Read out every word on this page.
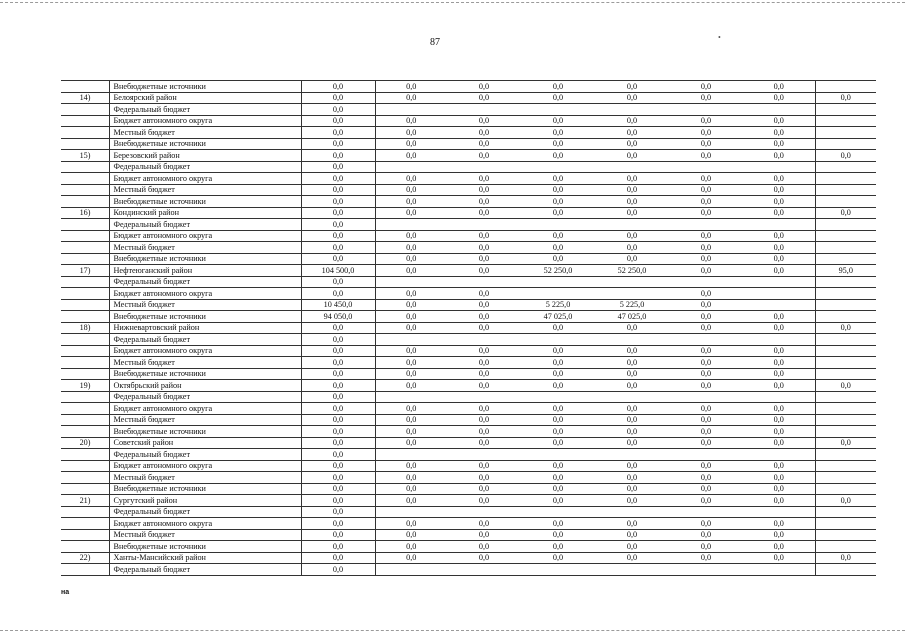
87	•
	Внебюджетные источники	0,0	0,0	0,0	0,0	0,0	0,0	0,0	
14)	Белоярский район	0,0	0,0	0,0	0,0	0,0	0,0	0,0	0,0
	Федеральный бюджет	0,0							
	Бюджет автономного округа	0,0	0,0	0,0	0,0	0,0	0,0	0,0	
	Местный бюджет	0,0	0,0	0,0	0,0	0,0	0,0	0,0	
	Внебюджетные источники	0,0	0,0	0,0	0,0	0,0	0,0	0,0	
15)	Березовский район	0,0	0,0	0,0	0,0	0,0	0,0	0,0	0,0
	Федеральный бюджет	0,0							
	Бюджет автономного округа	0,0	0,0	0,0	0,0	0,0	0,0	0,0	
	Местный бюджет	0,0	0,0	0,0	0,0	0,0	0,0	0,0	
	Внебюджетные источники	0,0	0,0	0,0	0,0	0,0	0,0	0,0	
16)	Кондинский район	0,0	0,0	0,0	0,0	0,0	0,0	0,0	0,0
	Федеральный бюджет	0,0							
	Бюджет автономного округа	0,0	0,0	0,0	0,0	0,0	0,0	0,0	
	Местный бюджет	0,0	0,0	0,0	0,0	0,0	0,0	0,0	
	Внебюджетные источники	0,0	0,0	0,0	0,0	0,0	0,0	0,0	
17)	Нефтеюганский район	104 500,0	0,0	0,0	52 250,0	52 250,0	0,0	0,0	95,0
	Федеральный бюджет	0,0							
	Бюджет автономного округа	0,0	0,0	0,0			0,0		
	Местный бюджет	10 450,0	0,0	0,0	5 225,0	5 225,0	0,0		
	Внебюджетные источники	94 050,0	0,0	0,0	47 025,0	47 025,0	0,0	0,0	
18)	Нижневартовский район	0,0	0,0	0,0	0,0	0,0	0,0	0,0	0,0
	Федеральный бюджет	0,0							
	Бюджет автономного округа	0,0	0,0	0,0	0,0	0,0	0,0	0,0	
	Местный бюджет	0,0	0,0	0,0	0,0	0,0	0,0	0,0	
	Внебюджетные источники	0,0	0,0	0,0	0,0	0,0	0,0	0,0	
19)	Октябрьский район	0,0	0,0	0,0	0,0	0,0	0,0	0,0	0,0
	Федеральный бюджет	0,0							
	Бюджет автономного округа	0,0	0,0	0,0	0,0	0,0	0,0	0,0	
	Местный бюджет	0,0	0,0	0,0	0,0	0,0	0,0	0,0	
	Внебюджетные источники	0,0	0,0	0,0	0,0	0,0	0,0	0,0	
20)	Советский район	0,0	0,0	0,0	0,0	0,0	0,0	0,0	0,0
	Федеральный бюджет	0,0							
	Бюджет автономного округа	0,0	0,0	0,0	0,0	0,0	0,0	0,0	
	Местный бюджет	0,0	0,0	0,0	0,0	0,0	0,0	0,0	
	Внебюджетные источники	0,0	0,0	0,0	0,0	0,0	0,0	0,0	
21)	Сургутский район	0,0	0,0	0,0	0,0	0,0	0,0	0,0	0,0
	Федеральный бюджет	0,0							
	Бюджет автономного округа	0,0	0,0	0,0	0,0	0,0	0,0	0,0	
	Местный бюджет	0,0	0,0	0,0	0,0	0,0	0,0	0,0	
	Внебюджетные источники	0,0	0,0	0,0	0,0	0,0	0,0	0,0	
22)	Ханты-Мансийский район	0,0	0,0	0,0	0,0	0,0	0,0	0,0	0,0
	Федеральный бюджет	0,0							
на
